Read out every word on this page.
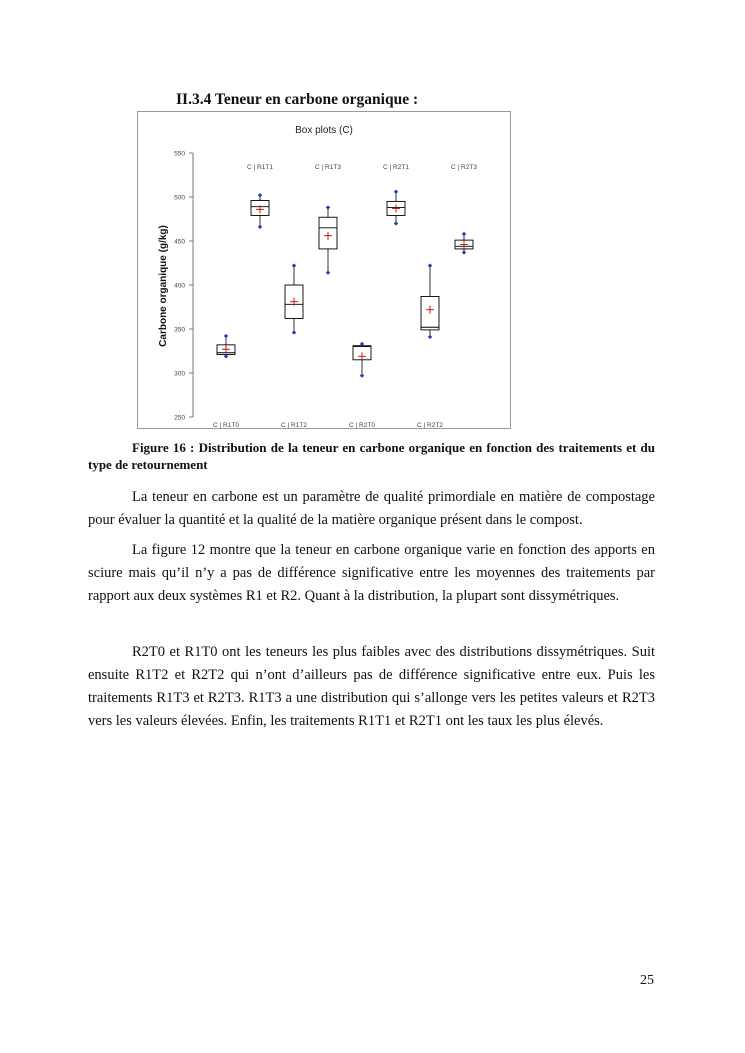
II.3.4 Teneur en carbone organique :
Box plots (C)
Carbone organique (g/kg)
250
300
350
400
450
500
550
C | R1T0
C | R1T1
C | R1T2
C | R1T3
C | R2T0
C | R2T1
C | R2T2
C | R2T3
Figure 16 : Distribution de la teneur en carbone organique en fonction des traitements et du type de retournement
La teneur en carbone est un paramètre de qualité primordiale en matière de compostage pour évaluer la quantité et la qualité de la matière organique présent dans le compost.
La figure 12 montre que la teneur en carbone organique varie en fonction des apports en sciure mais qu’il n’y a pas de différence significative entre les moyennes des traitements par rapport aux deux systèmes R1 et R2. Quant à la distribution, la plupart sont dissymétriques.
R2T0 et R1T0 ont les teneurs les plus faibles avec des distributions dissymétriques. Suit ensuite R1T2 et R2T2 qui n’ont d’ailleurs pas de différence significative entre eux. Puis les traitements R1T3 et R2T3. R1T3 a une distribution qui s’allonge vers les petites valeurs et R2T3 vers les valeurs élevées. Enfin, les traitements R1T1 et R2T1 ont les taux les plus élevés.
25
